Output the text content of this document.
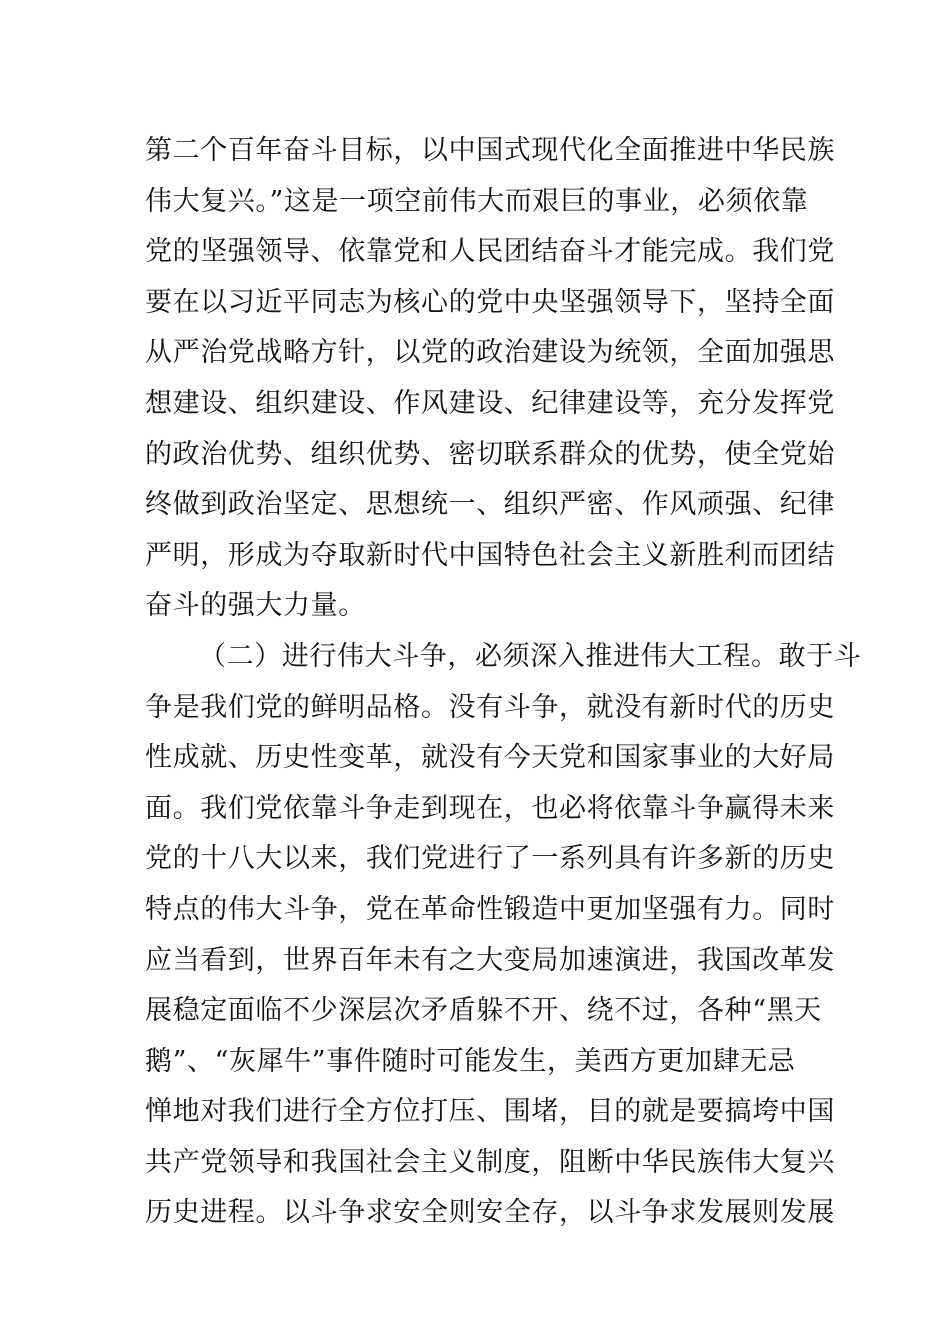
第二个百年奋斗目标，以中国式现代化全面推进中华民族
伟大复兴。”这是一项空前伟大而艰巨的事业，必须依靠
党的坚强领导、依靠党和人民团结奋斗才能完成。我们党
要在以习近平同志为核心的党中央坚强领导下，坚持全面
从严治党战略方针，以党的政治建设为统领，全面加强思
想建设、组织建设、作风建设、纪律建设等，充分发挥党
的政治优势、组织优势、密切联系群众的优势，使全党始
终做到政治坚定、思想统一、组织严密、作风顽强、纪律
严明，形成为夺取新时代中国特色社会主义新胜利而团结
奋斗的强大力量。
（二）进行伟大斗争，必须深入推进伟大工程。敢于斗
争是我们党的鲜明品格。没有斗争，就没有新时代的历史
性成就、历史性变革，就没有今天党和国家事业的大好局
面。我们党依靠斗争走到现在，也必将依靠斗争赢得未来
党的十八大以来，我们党进行了一系列具有许多新的历史
特点的伟大斗争，党在革命性锻造中更加坚强有力。同时
应当看到，世界百年未有之大变局加速演进，我国改革发
展稳定面临不少深层次矛盾躲不开、绕不过，各种“黑天
鹅”、“灰犀牛”事件随时可能发生，美西方更加肆无忌
惮地对我们进行全方位打压、围堵，目的就是要搞垮中国
共产党领导和我国社会主义制度，阻断中华民族伟大复兴
历史进程。以斗争求安全则安全存，以斗争求发展则发展
